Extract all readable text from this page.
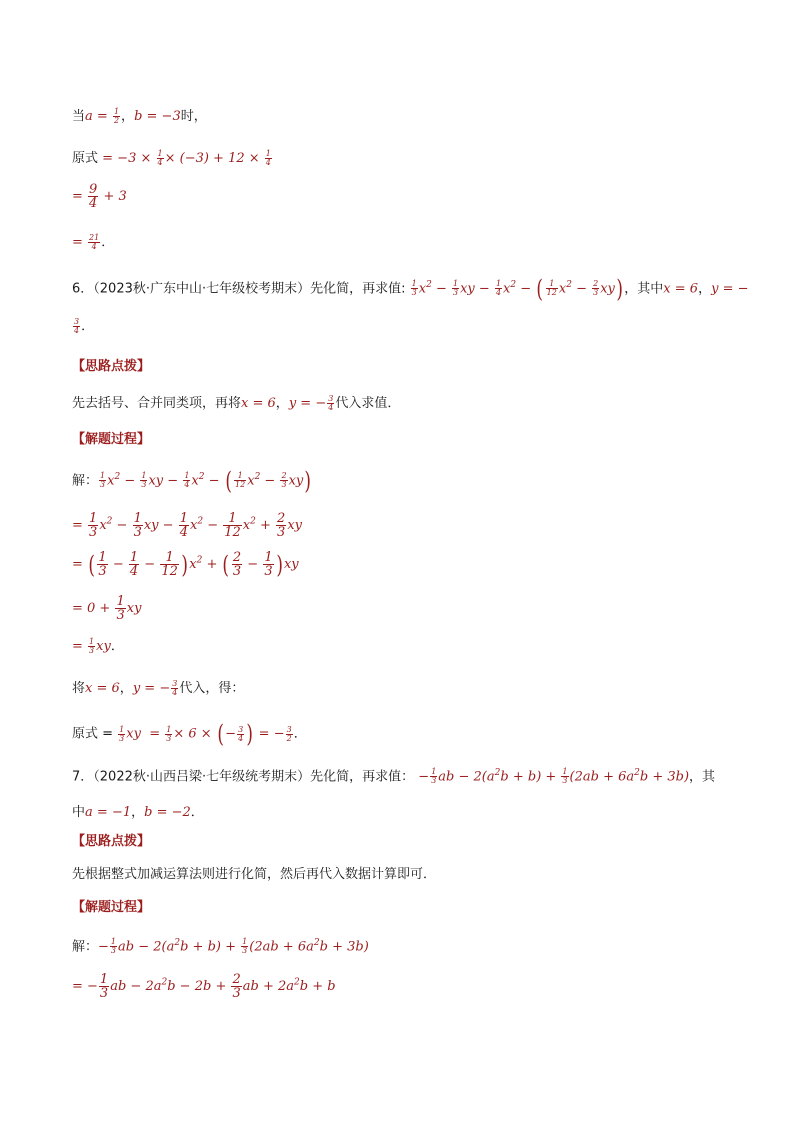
当$a = \frac{1}{2}$ ，b = −3时，
原式 = $-3 \times \frac{1}{4} \times (-3) + 12 \times \frac{1}{4}$
= $\frac{9}{4} + 3$
= $\frac{21}{4}$ ．
6．（2023秋·广东中山·七年级校考期末）先化简，再求值: $\frac{1}{3} x^2 - \frac{1}{3}$ xy − $\frac{1}{4} x^2$ − ( $\frac{1}{12} x^2 - \frac{2}{3} xy$)，其中x = 6，y = −
$\frac{3}{4}$ ．
【思路点拨】
先去括号、合并同类项，再将x = 6，y = − $\frac{3}{4}$ 代入求值．
【解题过程】
解： $\frac{1}{3} x^2 - \frac{1}{3}$ xy − $\frac{1}{4} x^2$ − ( $\frac{1}{12} x^2 - \frac{2}{3} xy$)
= $\frac{1}{3} x^2 - \frac{1}{3}$ xy − $\frac{1}{4} x^2 - \frac{1}{12} x^2 + \frac{2}{3}$ xy
= ( $\frac{1}{3} - \frac{1}{4} - \frac{1}{12} )x^2$ + ( $\frac{2}{3} - \frac{1}{3} )xy$
= $0 + \frac{1}{3}$ xy
= $\frac{1}{3}$ xy．
将x = 6，y = − $\frac{3}{4}$ 代入，得：
原式 = $\frac{1}{3}$ xy  = $\frac{1}{3} \times 6$ × (− $\frac{3}{4}$ ) = − $\frac{3}{2}$ ．
7．（2022秋·山西吕梁·七年级统考期末）先化简，再求值： − $\frac{1}{3}$ ab − $2(a^2b + b) + \frac{1}{3} (2ab + 6a^2b + 3b)$，其
中a = −1，b = −2．
【思路点拨】
先根据整式加减运算法则进行化简，然后再代入数据计算即可．
【解题过程】
解：− $\frac{1}{3}$ ab − $2(a^2b + b) + \frac{1}{3} (2ab + 6a^2b + 3b)$
= − $\frac{1}{3}$ ab − $2a^2b - 2b + \frac{2}{3}$ ab + $2a^2b + b$
